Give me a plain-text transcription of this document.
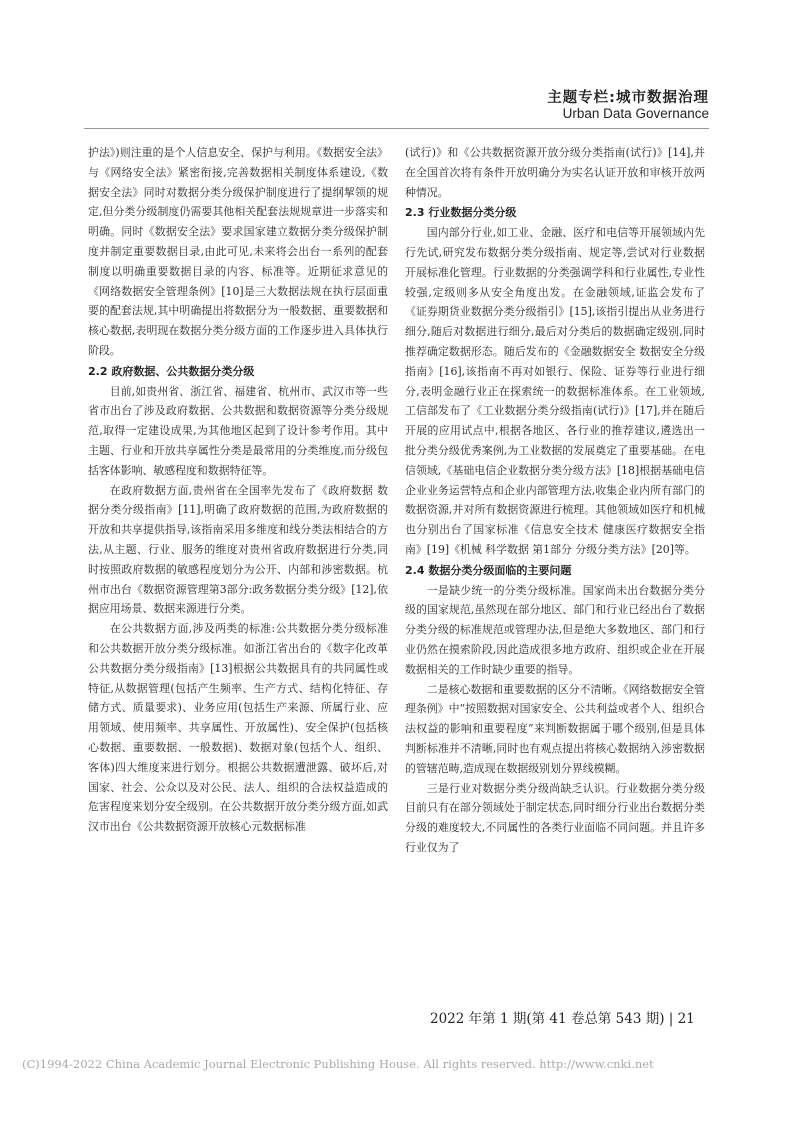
主题专栏:城市数据治理
Urban Data Governance

护法》)则注重的是个人信息安全、保护与利用。《数据安全法》与《网络安全法》紧密衔接,完善数据相关制度体系建设,《数据安全法》同时对数据分类分级保护制度进行了提纲挈领的规定,但分类分级制度仍需要其他相关配套法规规章进一步落实和明确。同时《数据安全法》要求国家建立数据分类分级保护制度并制定重要数据目录,由此可见,未来将会出台一系列的配套制度以明确重要数据目录的内容、标准等。近期征求意见的《网络数据安全管理条例》[10]是三大数据法规在执行层面重要的配套法规,其中明确提出将数据分为一般数据、重要数据和核心数据,表明现在数据分类分级方面的工作逐步进入具体执行阶段。

2.2 政府数据、公共数据分类分级

目前,如贵州省、浙江省、福建省、杭州市、武汉市等一些省市出台了涉及政府数据、公共数据和数据资源等分类分级规范,取得一定建设成果,为其他地区起到了设计参考作用。其中主题、行业和开放共享属性分类是最常用的分类维度,而分级包括客体影响、敏感程度和数据特征等。

在政府数据方面,贵州省在全国率先发布了《政府数据 数据分类分级指南》[11],明确了政府数据的范围,为政府数据的开放和共享提供指导,该指南采用多维度和线分类法相结合的方法,从主题、行业、服务的维度对贵州省政府数据进行分类,同时按照政府数据的敏感程度划分为公开、内部和涉密数据。杭州市出台《数据资源管理第3部分:政务数据分类分级》[12],依据应用场景、数据来源进行分类。

在公共数据方面,涉及两类的标准:公共数据分类分级标准和公共数据开放分类分级标准。如浙江省出台的《数字化改革 公共数据分类分级指南》[13]根据公共数据具有的共同属性或特征,从数据管理(包括产生频率、生产方式、结构化特征、存储方式、质量要求)、业务应用(包括生产来源、所属行业、应用领域、使用频率、共享属性、开放属性)、安全保护(包括核心数据、重要数据、一般数据)、数据对象(包括个人、组织、客体)四大维度来进行划分。根据公共数据遭泄露、破坏后,对国家、社会、公众以及对公民、法人、组织的合法权益造成的危害程度来划分安全级别。在公共数据开放分类分级方面,如武汉市出台《公共数据资源开放核心元数据标准

(试行)》和《公共数据资源开放分级分类指南(试行)》[14],并在全国首次将有条件开放明确分为实名认证开放和审核开放两种情况。

2.3 行业数据分类分级

国内部分行业,如工业、金融、医疗和电信等开展领域内先行先试,研究发布数据分类分级指南、规定等,尝试对行业数据开展标准化管理。行业数据的分类强调学科和行业属性,专业性较强,定级则多从安全角度出发。在金融领域,证监会发布了《证券期货业数据分类分级指引》[15],该指引提出从业务进行细分,随后对数据进行细分,最后对分类后的数据确定级别,同时推荐确定数据形态。随后发布的《金融数据安全 数据安全分级指南》[16],该指南不再对如银行、保险、证券等行业进行细分,表明金融行业正在探索统一的数据标准体系。在工业领域,工信部发布了《工业数据分类分级指南(试行)》[17],并在随后开展的应用试点中,根据各地区、各行业的推荐建议,遴选出一批分类分级优秀案例,为工业数据的发展奠定了重要基础。在电信领域,《基础电信企业数据分类分级方法》[18]根据基础电信企业业务运营特点和企业内部管理方法,收集企业内所有部门的数据资源,并对所有数据资源进行梳理。其他领域如医疗和机械也分别出台了国家标准《信息安全技术 健康医疗数据安全指南》[19]《机械 科学数据 第1部分 分级分类方法》[20]等。

2.4 数据分类分级面临的主要问题

一是缺少统一的分类分级标准。国家尚未出台数据分类分级的国家规范,虽然现在部分地区、部门和行业已经出台了数据分类分级的标准规范或管理办法,但是绝大多数地区、部门和行业仍然在摸索阶段,因此造成很多地方政府、组织或企业在开展数据相关的工作时缺少重要的指导。

二是核心数据和重要数据的区分不清晰。《网络数据安全管理条例》中“按照数据对国家安全、公共利益或者个人、组织合法权益的影响和重要程度”来判断数据属于哪个级别,但是具体判断标准并不清晰,同时也有观点提出将核心数据纳入涉密数据的管辖范畴,造成现在数据级别划分界线模糊。

三是行业对数据分类分级尚缺乏认识。行业数据分类分级目前只有在部分领域处于制定状态,同时细分行业出台数据分类分级的难度较大,不同属性的各类行业面临不同问题。并且许多行业仅为了

2022 年第 1 期(第 41 卷总第 543 期) | 21
(C)1994-2022 China Academic Journal Electronic Publishing House. All rights reserved. http://www.cnki.net
